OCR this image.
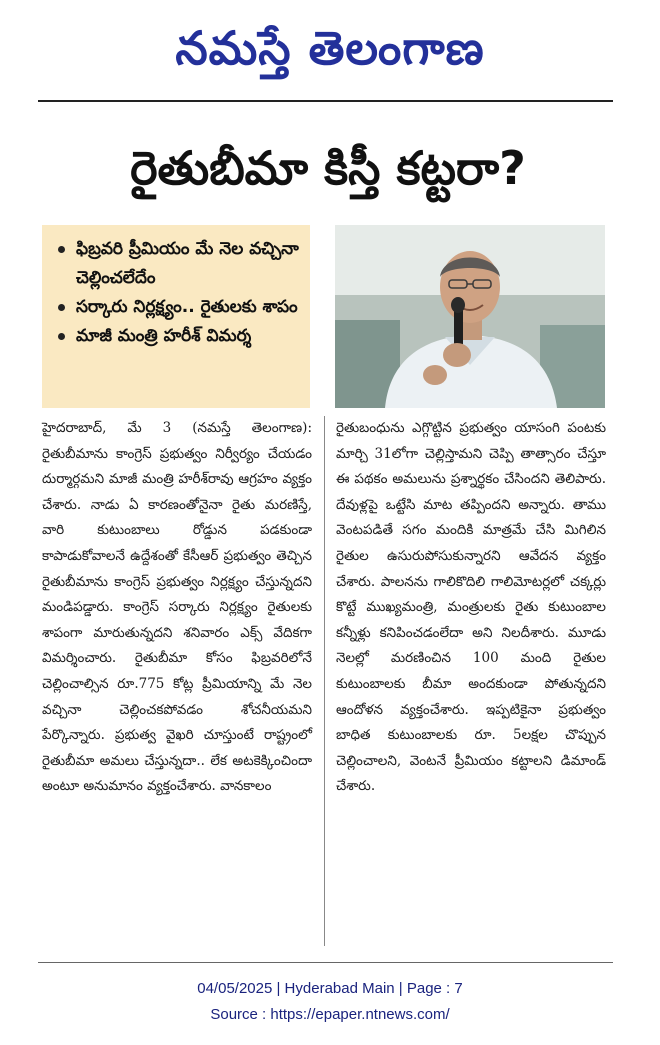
నమస్తే తెలంగాణ
రైతుబీమా కిస్తీ కట్టరా?
ఫిబ్రవరి ప్రీమియం మే నెల వచ్చినా చెల్లించలేదేం
సర్కారు నిర్లక్ష్యం.. రైతులకు శాపం
మాజీ మంత్రి హరీశ్ విమర్శ
హైదరాబాద్, మే 3 (నమస్తే తెలంగాణ): రైతుబీమాను కాంగ్రెస్ ప్రభుత్వం నిర్వీర్యం చేయడం దుర్మార్గమని మాజీ మంత్రి హరీశ్‌రావు ఆగ్రహం వ్యక్తం చేశారు. నాడు ఏ కారణంతోనైనా రైతు మరణిస్తే, వారి కుటుంబాలు రోడ్డున పడకుండా కాపాడుకోవాలనే ఉద్దేశంతో కేసీఆర్ ప్రభుత్వం తెచ్చిన రైతుబీమాను కాంగ్రెస్ ప్రభుత్వం నిర్లక్ష్యం చేస్తున్నదని మండిపడ్డారు. కాంగ్రెస్ సర్కారు నిర్లక్ష్యం రైతులకు శాపంగా మారుతున్నదని శనివారం ఎక్స్ వేదికగా విమర్శించారు. రైతుబీమా కోసం ఫిబ్రవరిలోనే చెల్లించాల్సిన రూ.775 కోట్ల ప్రీమియాన్ని మే నెల వచ్చినా చెల్లించకపోవడం శోచనీయమని పేర్కొన్నారు. ప్రభుత్వ వైఖరి చూస్తుంటే రాష్ట్రంలో రైతుబీమా అమలు చేస్తున్నదా.. లేక అటకెక్కించిందా అంటూ అనుమానం వ్యక్తంచేశారు. వానకాలం
రైతుబంధును ఎగ్గొట్టిన ప్రభుత్వం యాసంగి పంటకు మార్చి 31లోగా చెల్లిస్తామని చెప్పి తాత్సారం చేస్తూ ఈ పథకం అమలును ప్రశ్నార్థకం చేసిందని తెలిపారు. దేవుళ్లపై ఒట్టేసి మాట తప్పిందని అన్నారు. తాము వెంటపడితే సగం మందికి మాత్రమే చేసి మిగిలిన రైతుల ఉసురుపోసుకున్నారని ఆవేదన వ్యక్తం చేశారు. పాలనను గాలికొదిలి గాలిమోటర్లలో చక్కర్లు కొట్టే ముఖ్యమంత్రి, మంత్రులకు రైతు కుటుంబాల కన్నీళ్లు కనిపించడంలేదా అని నిలదీశారు. మూడు నెలల్లో మరణించిన 100 మంది రైతుల కుటుంబాలకు బీమా అందకుండా పోతున్నదని ఆందోళన వ్యక్తంచేశారు. ఇప్పటికైనా ప్రభుత్వం బాధిత కుటుంబాలకు రూ. 5లక్షల చొప్పున చెల్లించాలని, వెంటనే ప్రీమియం కట్టాలని డిమాండ్ చేశారు.
04/05/2025 | Hyderabad Main | Page : 7
Source : https://epaper.ntnews.com/
